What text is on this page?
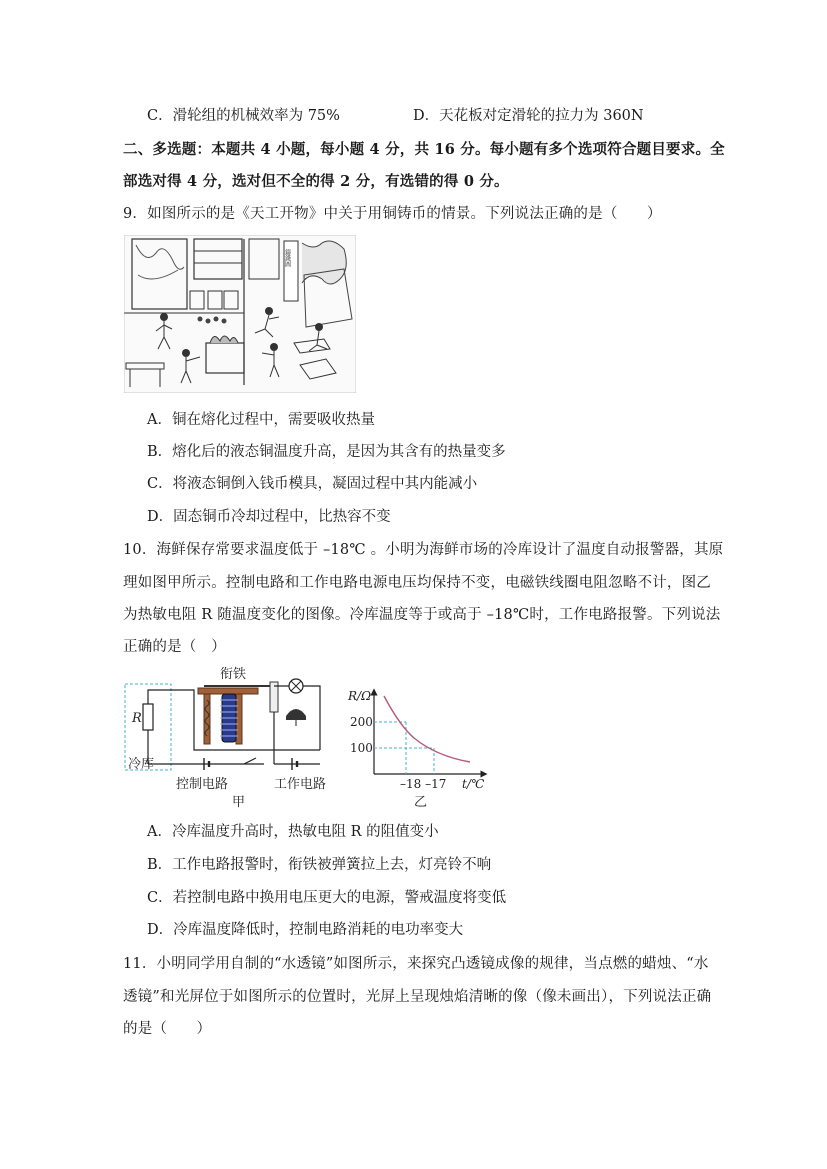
C．滑轮组的机械效率为 75%	D．天花板对定滑轮的拉力为 360N
二、多选题：本题共 4 小题，每小题 4 分，共 16 分。每小题有多个选项符合题目要求。全
部选对得 4 分，选对但不全的得 2 分，有选错的得 0 分。
9．如图所示的是《天工开物》中关于用铜铸币的情景。下列说法正确的是（　　）
鑄錢圖
A．铜在熔化过程中，需要吸收热量
B．熔化后的液态铜温度升高，是因为其含有的热量变多
C．将液态铜倒入钱币模具，凝固过程中其内能减小
D．固态铜币冷却过程中，比热容不变
10．海鲜保存常要求温度低于 –18℃ 。小明为海鲜市场的冷库设计了温度自动报警器，其原
理如图甲所示。控制电路和工作电路电源电压均保持不变，电磁铁线圈电阻忽略不计，图乙
为热敏电阻 R 随温度变化的图像。冷库温度等于或高于 –18℃时，工作电路报警。下列说法
正确的是（　）
衔铁
R
冷库
控制电路	工作电路
甲
R/Ω
200
100
–18 –17 t/℃
乙
A．冷库温度升高时，热敏电阻 R 的阻值变小
B．工作电路报警时，衔铁被弹簧拉上去，灯亮铃不响
C．若控制电路中换用电压更大的电源，警戒温度将变低
D．冷库温度降低时，控制电路消耗的电功率变大
11．小明同学用自制的“水透镜”如图所示，来探究凸透镜成像的规律，当点燃的蜡烛、“水
透镜”和光屏位于如图所示的位置时，光屏上呈现烛焰清晰的像（像未画出），下列说法正确
的是（　　）
